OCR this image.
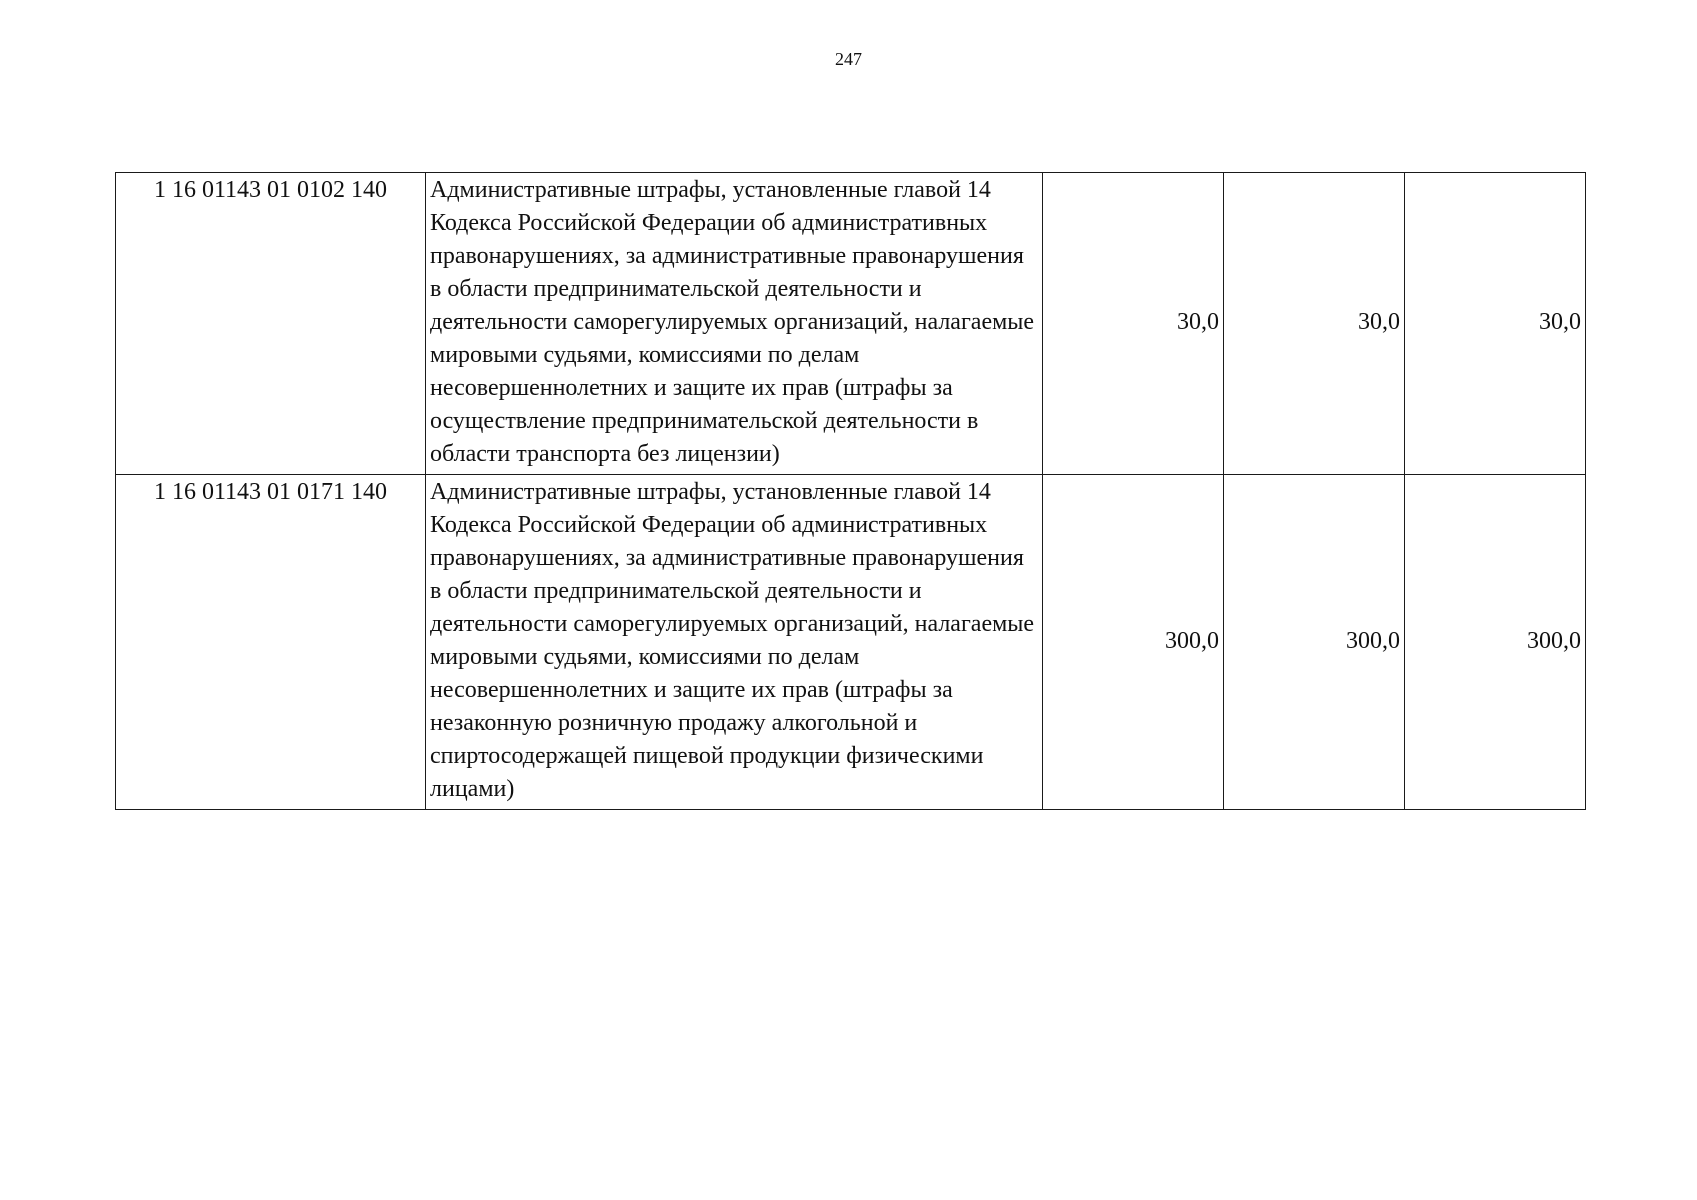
247
1 16 01143 01 0102 140	Административные штрафы, установленные главой 14 Кодекса Российской Федерации об административных правонарушениях, за административные правонарушения в области предпринимательской деятельности и деятельности саморегулируемых организаций, налагаемые мировыми судьями, комиссиями по делам несовершеннолетних и защите их прав (штрафы за осуществление предпринимательской деятельности в области транспорта без лицензии)	30,0	30,0	30,0
1 16 01143 01 0171 140	Административные штрафы, установленные главой 14 Кодекса Российской Федерации об административных правонарушениях, за административные правонарушения в области предпринимательской деятельности и деятельности саморегулируемых организаций, налагаемые мировыми судьями, комиссиями по делам несовершеннолетних и защите их прав (штрафы за незаконную розничную продажу алкогольной и спиртосодержащей пищевой продукции физическими лицами)	300,0	300,0	300,0
